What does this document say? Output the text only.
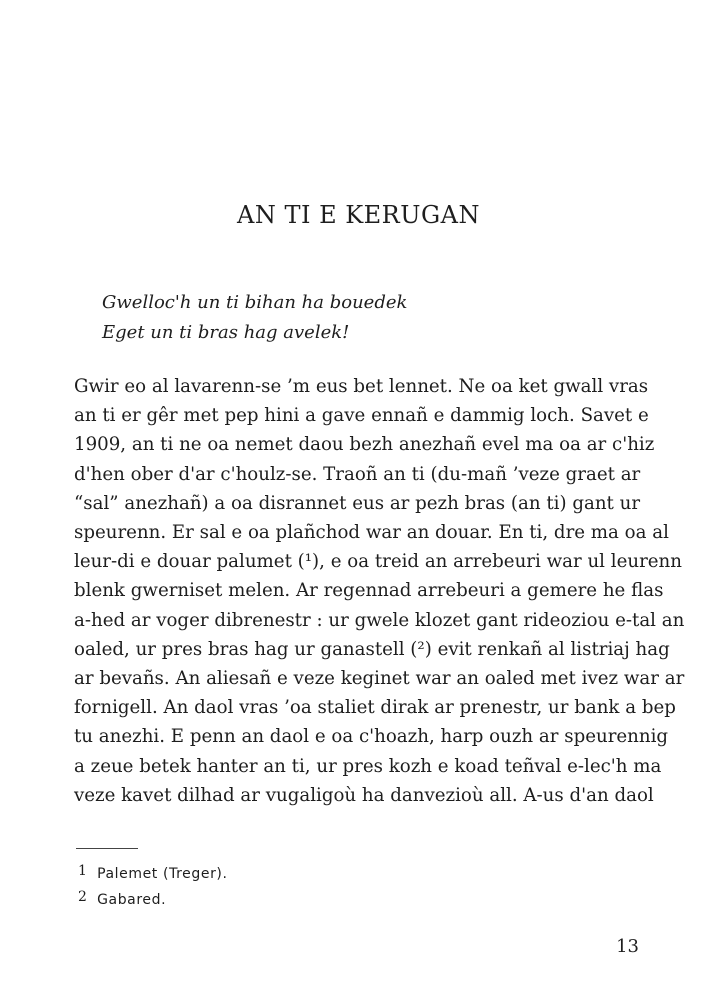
AN TI E KERUGAN
Gwelloc'h un ti bihan ha bouedek
Eget un ti bras hag avelek!
Gwir eo al lavarenn-se ’m eus bet lennet. Ne oa ket gwall vras
an ti er gêr met pep hini a gave ennañ e dammig loch. Savet e
1909, an ti ne oa nemet daou bezh anezhañ evel ma oa ar c'hiz
d'hen ober d'ar c'houlz-se. Traoñ an ti (du-mañ ’veze graet ar
“sal” anezhañ) a oa disrannet eus ar pezh bras (an ti) gant ur
speurenn. Er sal e oa plañchod war an douar. En ti, dre ma oa al
leur-di e douar palumet (¹), e oa treid an arrebeuri war ul leurenn
blenk gwerniset melen. Ar regennad arrebeuri a gemere he flas
a-hed ar voger dibrenestr : ur gwele klozet gant rideoziou e-tal an
oaled, ur pres bras hag ur ganastell (²) evit renkañ al listriaj hag
ar bevañs. An aliesañ e veze keginet war an oaled met ivez war ar
fornigell. An daol vras ’oa staliet dirak ar prenestr, ur bank a bep
tu anezhi. E penn an daol e oa c'hoazh, harp ouzh ar speurennig
a zeue betek hanter an ti, ur pres kozh e koad teñval e-lec'h ma
veze kavet dilhad ar vugaligoù ha danvezioù all. A-us d'an daol
1 Palemet (Treger).
2 Gabared.
13
